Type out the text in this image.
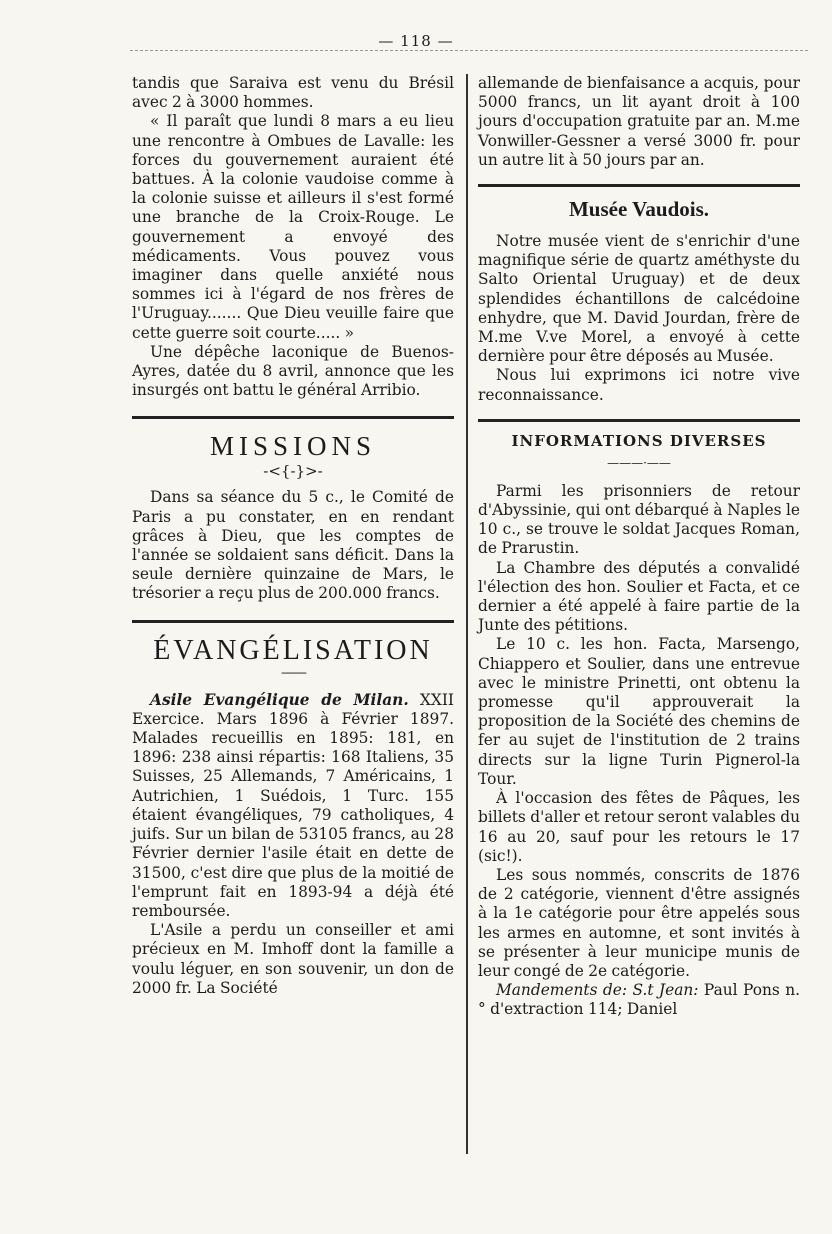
— 118 —

tandis que Saraiva est venu du Brésil avec 2 à 3000 hommes.

« Il paraît que lundi 8 mars a eu lieu une rencontre à Ombues de Lavalle: les forces du gouvernement auraient été battues. À la colonie vaudoise comme à la colonie suisse et ailleurs il s'est formé une branche de la Croix-Rouge. Le gouvernement a envoyé des médicaments. Vous pouvez vous imaginer dans quelle anxiété nous sommes ici à l'égard de nos frères de l'Uruguay....... Que Dieu veuille faire que cette guerre soit courte..... »

Une dépêche laconique de Buenos-Ayres, datée du 8 avril, annonce que les insurgés ont battu le général Arribio.

MISSIONS
-<{-}>-

Dans sa séance du 5 c., le Comité de Paris a pu constater, en en rendant grâces à Dieu, que les comptes de l'année se soldaient sans déficit. Dans la seule dernière quinzaine de Mars, le trésorier a reçu plus de 200.000 francs.

ÉVANGÉLISATION
——

Asile Evangélique de Milan. XXII Exercice. Mars 1896 à Février 1897. Malades recueillis en 1895: 181, en 1896: 238 ainsi répartis: 168 Italiens, 35 Suisses, 25 Allemands, 7 Américains, 1 Autrichien, 1 Suédois, 1 Turc. 155 étaient évangéliques, 79 catholiques, 4 juifs. Sur un bilan de 53105 francs, au 28 Février dernier l'asile était en dette de 31500, c'est dire que plus de la moitié de l'emprunt fait en 1893-94 a déjà été remboursée.

L'Asile a perdu un conseiller et ami précieux en M. Imhoff dont la famille a voulu léguer, en son souvenir, un don de 2000 fr. La Société

allemande de bienfaisance a acquis, pour 5000 francs, un lit ayant droit à 100 jours d'occupation gratuite par an. M.me Vonwiller-Gessner a versé 3000 fr. pour un autre lit à 50 jours par an.

Musée Vaudois.

Notre musée vient de s'enrichir d'une magnifique série de quartz améthyste du Salto Oriental Uruguay) et de deux splendides échantillons de calcédoine enhydre, que M. David Jourdan, frère de M.me V.ve Morel, a envoyé à cette dernière pour être déposés au Musée.

Nous lui exprimons ici notre vive reconnaissance.

INFORMATIONS DIVERSES
———·——

Parmi les prisonniers de retour d'Abyssinie, qui ont débarqué à Naples le 10 c., se trouve le soldat Jacques Roman, de Prarustin.

La Chambre des députés a convalidé l'élection des hon. Soulier et Facta, et ce dernier a été appelé à faire partie de la Junte des pétitions.

Le 10 c. les hon. Facta, Marsengo, Chiappero et Soulier, dans une entrevue avec le ministre Prinetti, ont obtenu la promesse qu'il approuverait la proposition de la Société des chemins de fer au sujet de l'institution de 2 trains directs sur la ligne Turin Pignerol-la Tour.

À l'occasion des fêtes de Pâques, les billets d'aller et retour seront valables du 16 au 20, sauf pour les retours le 17 (sic!).

Les sous nommés, conscrits de 1876 de 2 catégorie, viennent d'être assignés à la 1e catégorie pour être appelés sous les armes en automne, et sont invités à se présenter à leur municipe munis de leur congé de 2e catégorie.

Mandements de: S.t Jean: Paul Pons n.° d'extraction 114; Daniel
